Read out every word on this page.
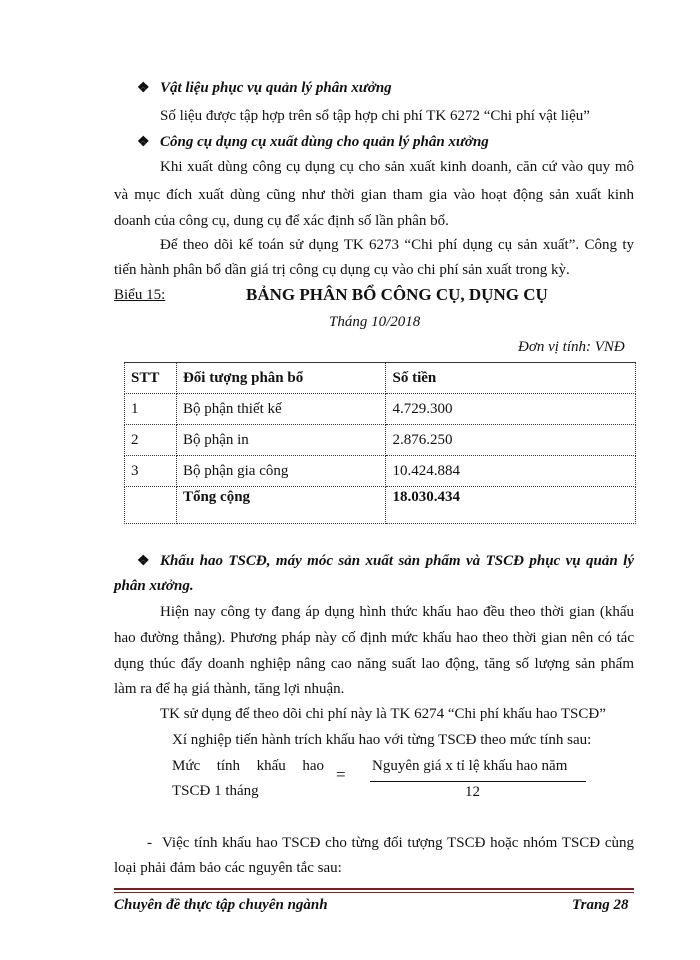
❖ Vật liệu phục vụ quản lý phân xưởng
Số liệu được tập hợp trên sổ tập hợp chi phí TK 6272 “Chi phí vật liệu”
❖ Công cụ dụng cụ xuất dùng cho quản lý phân xưởng
Khi xuất dùng công cụ dụng cụ cho sản xuất kinh doanh, căn cứ vào quy mô
và mục đích xuất dùng cũng như thời gian tham gia vào hoạt động sản xuất kinh
doanh của công cụ, dung cụ để xác định số lần phân bổ.
Để theo dõi kế toán sử dụng TK 6273 “Chi phí dụng cụ sản xuất”. Công ty
tiến hành phân bổ dần giá trị công cụ dụng cụ vào chi phí sản xuất trong kỳ.
Biểu 15:	BẢNG PHÂN BỔ CÔNG CỤ, DỤNG CỤ
Tháng 10/2018
Đơn vị tính: VNĐ
STT	Đối tượng phân bổ	Số tiền
1	Bộ phận thiết kế	4.729.300
2	Bộ phận in	2.876.250
3	Bộ phận gia công	10.424.884
	Tổng cộng	18.030.434
❖ Khấu hao TSCĐ, máy móc sản xuất sản phẩm và TSCĐ phục vụ quản lý
phân xưởng.
Hiện nay công ty đang áp dụng hình thức khấu hao đều theo thời gian (khấu
hao đường thẳng). Phương pháp này cố định mức khấu hao theo thời gian nên có tác
dụng thúc đẩy doanh nghiệp nâng cao năng suất lao động, tăng số lượng sản phẩm
làm ra để hạ giá thành, tăng lợi nhuận.
TK sử dụng để theo dõi chi phí này là TK 6274 “Chi phí khấu hao TSCĐ”
Xí nghiệp tiến hành trích khấu hao với từng TSCĐ theo mức tính sau:
Mức tính khấu hao
TSCĐ 1 tháng
= Nguyên giá x tỉ lệ khấu hao năm
12
- Việc tính khấu hao TSCĐ cho từng đối tượng TSCĐ hoặc nhóm TSCĐ cùng
loại phải đảm bảo các nguyên tắc sau:
Chuyên đề thực tập chuyên ngành	Trang 28
